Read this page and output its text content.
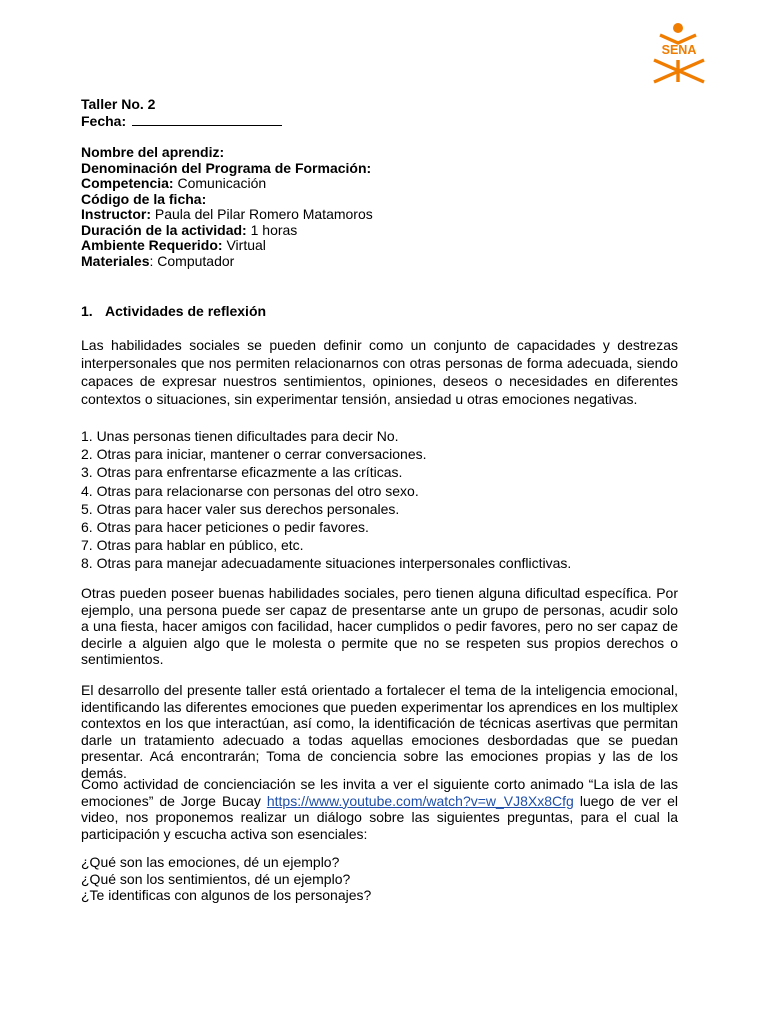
SENA
Taller No. 2
Fecha:
Nombre del aprendiz:
Denominación del Programa de Formación:
Competencia: Comunicación
Código de la ficha:
Instructor: Paula del Pilar Romero Matamoros
Duración de la actividad: 1 horas
Ambiente Requerido: Virtual
Materiales: Computador
1. Actividades de reflexión
Las habilidades sociales se pueden definir como un conjunto de capacidades y destrezas interpersonales que nos permiten relacionarnos con otras personas de forma adecuada, siendo capaces de expresar nuestros sentimientos, opiniones, deseos o necesidades en diferentes contextos o situaciones, sin experimentar tensión, ansiedad u otras emociones negativas.
1. Unas personas tienen dificultades para decir No.
2. Otras para iniciar, mantener o cerrar conversaciones.
3. Otras para enfrentarse eficazmente a las críticas.
4. Otras para relacionarse con personas del otro sexo.
5. Otras para hacer valer sus derechos personales.
6. Otras para hacer peticiones o pedir favores.
7. Otras para hablar en público, etc.
8. Otras para manejar adecuadamente situaciones interpersonales conflictivas.
Otras pueden poseer buenas habilidades sociales, pero tienen alguna dificultad específica. Por ejemplo, una persona puede ser capaz de presentarse ante un grupo de personas, acudir solo a una fiesta, hacer amigos con facilidad, hacer cumplidos o pedir favores, pero no ser capaz de decirle a alguien algo que le molesta o permite que no se respeten sus propios derechos o sentimientos.
El desarrollo del presente taller está orientado a fortalecer el tema de la inteligencia emocional, identificando las diferentes emociones que pueden experimentar los aprendices en los multiplex contextos en los que interactúan, así como, la identificación de técnicas asertivas que permitan darle un tratamiento adecuado a todas aquellas emociones desbordadas que se puedan presentar. Acá encontrarán; Toma de conciencia sobre las emociones propias y las de los demás.
Como actividad de concienciación se les invita a ver el siguiente corto animado “La isla de las emociones” de Jorge Bucay https://www.youtube.com/watch?v=w_VJ8Xx8Cfg luego de ver el video, nos proponemos realizar un diálogo sobre las siguientes preguntas, para el cual la participación y escucha activa son esenciales:
¿Qué son las emociones, dé un ejemplo?
¿Qué son los sentimientos, dé un ejemplo?
¿Te identificas con algunos de los personajes?
